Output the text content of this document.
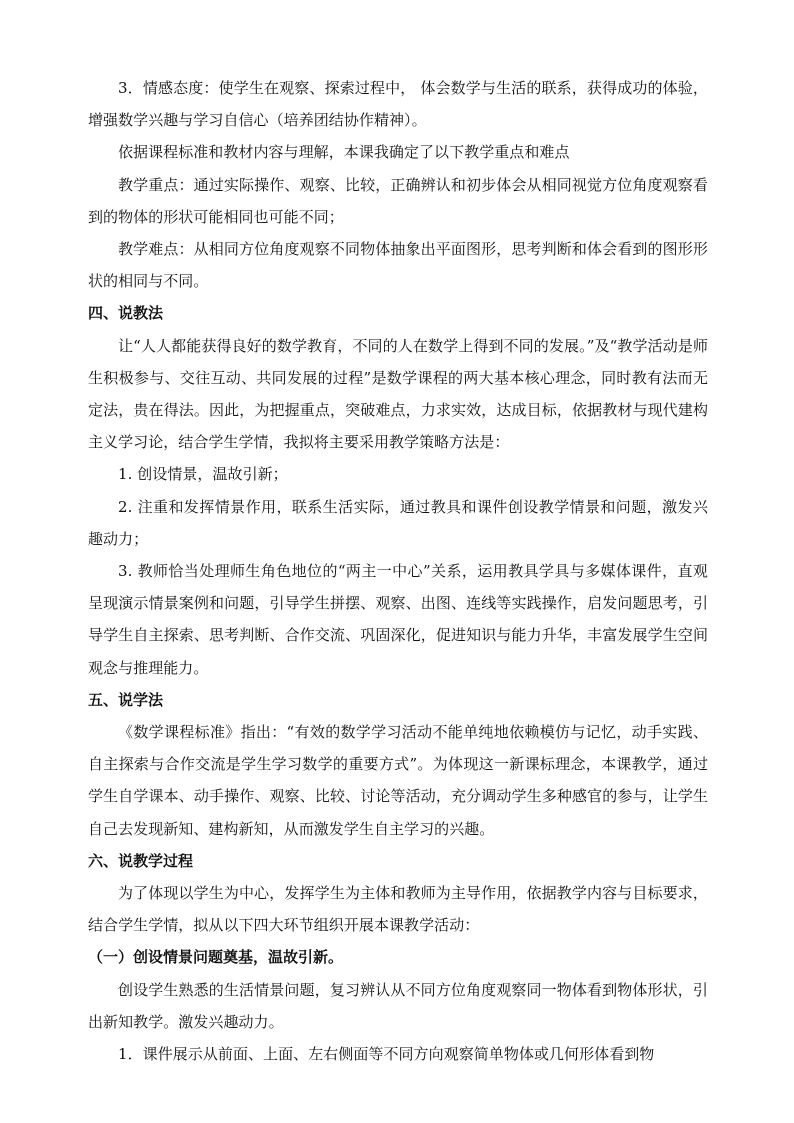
3．情感态度：使学生在观察、探索过程中， 体会数学与生活的联系，获得成功的体验，增强数学兴趣与学习自信心（培养团结协作精神）。

依据课程标准和教材内容与理解，本课我确定了以下教学重点和难点

教学重点：通过实际操作、观察、比较，正确辨认和初步体会从相同视觉方位角度观察看到的物体的形状可能相同也可能不同；

教学难点：从相同方位角度观察不同物体抽象出平面图形，思考判断和体会看到的图形形状的相同与不同。

四、说教法

让“人人都能获得良好的数学教育，不同的人在数学上得到不同的发展。”及“教学活动是师生积极参与、交往互动、共同发展的过程”是数学课程的两大基本核心理念，同时教有法而无定法，贵在得法。因此，为把握重点，突破难点，力求实效，达成目标，依据教材与现代建构主义学习论，结合学生学情，我拟将主要采用教学策略方法是：

1. 创设情景，温故引新；

2. 注重和发挥情景作用，联系生活实际，通过教具和课件创设教学情景和问题，激发兴趣动力；

3. 教师恰当处理师生角色地位的“两主一中心”关系，运用教具学具与多媒体课件，直观呈现演示情景案例和问题，引导学生拼摆、观察、出图、连线等实践操作，启发问题思考，引导学生自主探索、思考判断、合作交流、巩固深化，促进知识与能力升华，丰富发展学生空间观念与推理能力。

五、说学法

《数学课程标准》指出：“有效的数学学习活动不能单纯地依赖模仿与记忆，动手实践、自主探索与合作交流是学生学习数学的重要方式”。为体现这一新课标理念，本课教学，通过学生自学课本、动手操作、观察、比较、讨论等活动，充分调动学生多种感官的参与，让学生自己去发现新知、建构新知，从而激发学生自主学习的兴趣。

六、说教学过程

为了体现以学生为中心，发挥学生为主体和教师为主导作用，依据教学内容与目标要求，结合学生学情，拟从以下四大环节组织开展本课教学活动：

（一）创设情景问题奠基，温故引新。

创设学生熟悉的生活情景问题，复习辨认从不同方位角度观察同一物体看到物体形状，引出新知教学。激发兴趣动力。

1．课件展示从前面、上面、左右侧面等不同方向观察简单物体或几何形体看到物
